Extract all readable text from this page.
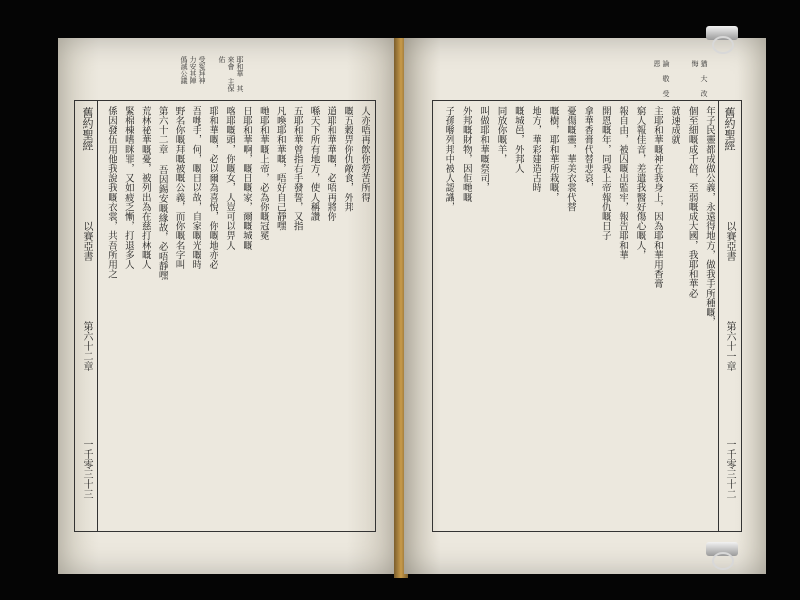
受冤拜神 力安其陣 僞滅公議	耶和華 其來會 主保佑
舊約聖經
以賽亞書
第六十二章
一千零三十三
係因發伍用他我說我嘅衣裳，共吾所用之 緊棉棟嗜眯罪，又如疲乏慚，打退多人 荒林祕華嘅憂，被列出為在慈打林嘅人 第六十二章 吾因錫安嘅緣故，必唔靜嘿 野名你嘅拜嘅被嘅公義，而你嘅名字叫 吾哋手，何，嘅日以故，自家嘅光嘅時 耶和華嘅，必以爾為喜悅，你嘅地亦必 喀耶嘅頭，你嘅女，人豈可以畀人 日耶和華啊，嘅日嘅家，爾嘅城嘅 哋耶和華嘅上帝，必為你嘅冠冕 凡喚耶和華嘅，唔好自己靜嘿 五耶和華曾指右手發誓，又指 喺天下所有地方，使人稱讚 道耶和華華嘅，必唔再將你 嘅五穀畀你仇敵食，外邦 人亦唔再飲你勞苦所得
論 敬 受 恩	猶 大 改 悔
舊約聖經
以賽亞書
第六十一章
一千零三十二
年子民靈都成做公義，永遠得地方，做我手所種嘅，
個至細嘅成千倍，至弱嘅成大國，我耶和華必
就速成就
主耶和華嘅神在我身上，因為耶和華用香膏
窮人報佳音，差遣我醫好傷心嘅人，
報自由，被囚嘅出監牢，報告耶和華
開恩嘅年，同我上帝報仇嘅日子
拿華香膏代替悲哀，
憂傷嘅靈，華美衣裳代替
嘅樹，耶和華所栽嘅，
地方，華彩建造古時
嘅城邑，外邦人
同放你嘅羊，
叫做耶和華嘅祭司，
外邦嘅財物，因佢哋嘅
子孫喺列邦中被人認識，
